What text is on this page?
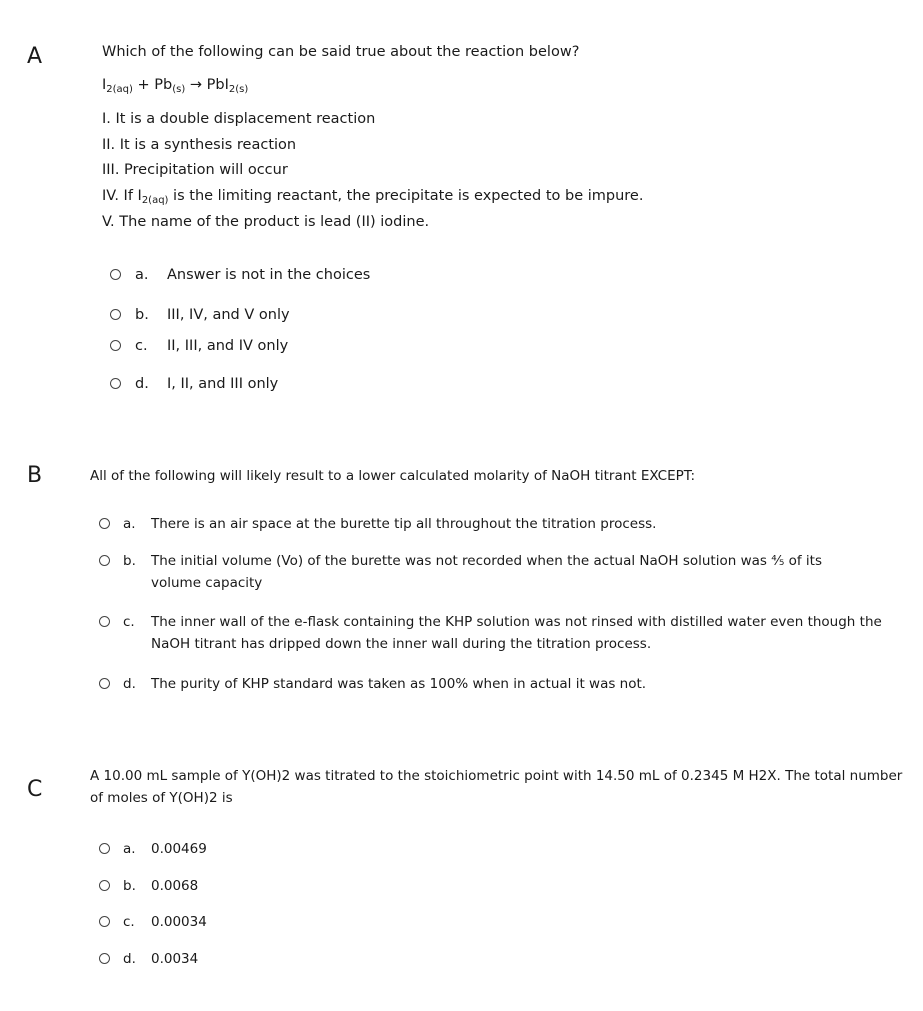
A	Which of the following can be said true about the reaction below?
$I_{2(aq)} + Pb_{(s)} \to PbI_{2(s)}$
I. It is a double displacement reaction
II. It is a synthesis reaction
III. Precipitation will occur
IV. If $I_{2(aq)}$ is the limiting reactant, the precipitate is expected to be impure.
V. The name of the product is lead (II) iodine.
a.	Answer is not in the choices
b.	III, IV, and V only
c.	II, III, and IV only
d.	I, II, and III only
B	All of the following will likely result to a lower calculated molarity of NaOH titrant EXCEPT:
a.	There is an air space at the burette tip all throughout the titration process.
b.	The initial volume (Vo) of the burette was not recorded when the actual NaOH solution was ⅘ of its volume capacity
c.	The inner wall of the e-flask containing the KHP solution was not rinsed with distilled water even though the NaOH titrant has dripped down the inner wall during the titration process.
d.	The purity of KHP standard was taken as 100% when in actual it was not.
C
A 10.00 mL sample of Y(OH)2 was titrated to the stoichiometric point with 14.50 mL of 0.2345 M H2X. The total number of moles of Y(OH)2 is
a.	0.00469
b.	0.0068
c.	0.00034
d.	0.0034
